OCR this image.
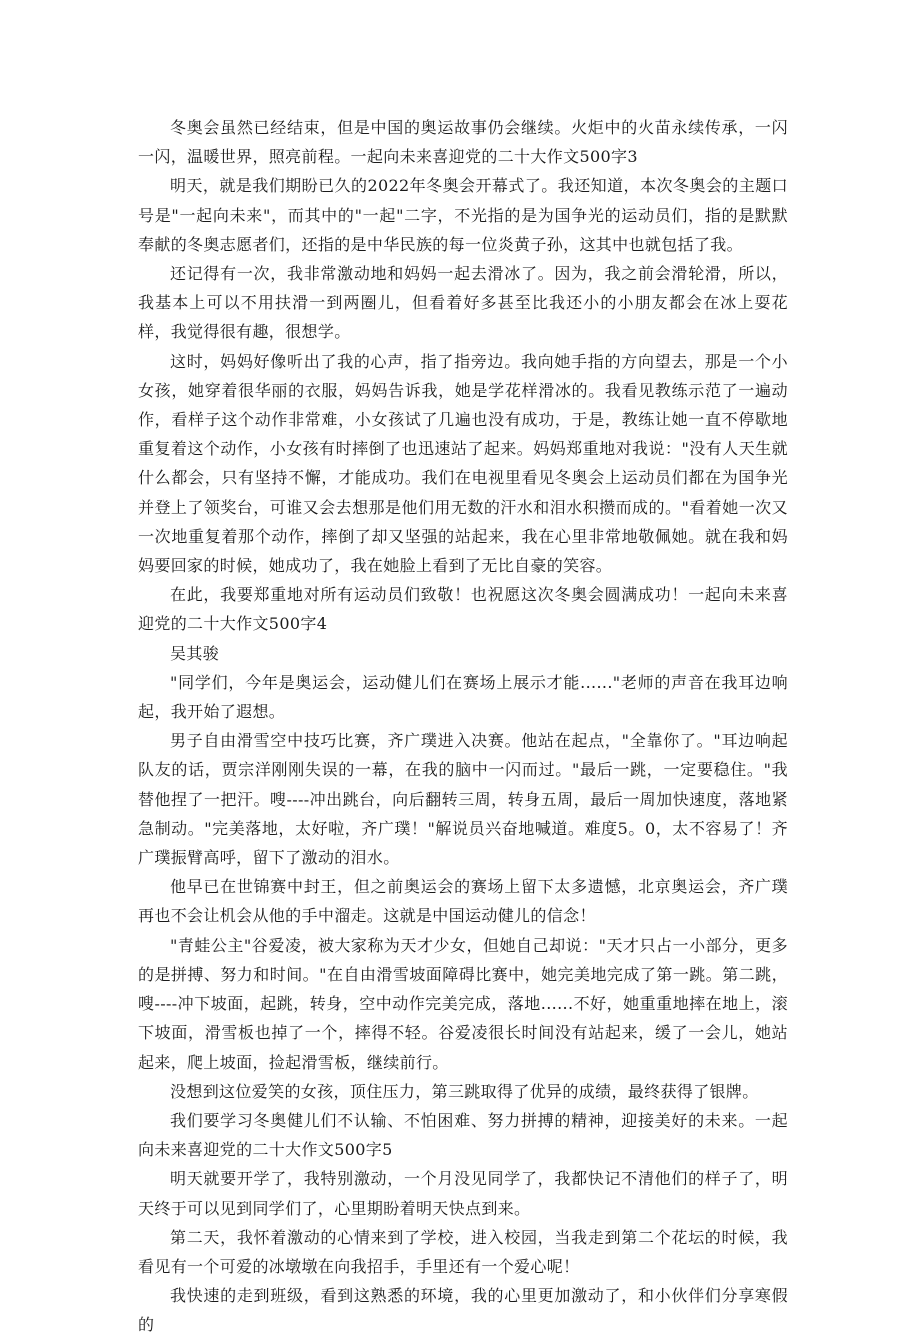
冬奥会虽然已经结束，但是中国的奥运故事仍会继续。火炬中的火苗永续传承，一闪一闪，温暖世界，照亮前程。一起向未来喜迎党的二十大作文500字3

明天，就是我们期盼已久的2022年冬奥会开幕式了。我还知道，本次冬奥会的主题口号是"一起向未来"，而其中的"一起"二字，不光指的是为国争光的运动员们，指的是默默奉献的冬奥志愿者们，还指的是中华民族的每一位炎黄子孙，这其中也就包括了我。

还记得有一次，我非常激动地和妈妈一起去滑冰了。因为，我之前会滑轮滑，所以，我基本上可以不用扶滑一到两圈儿，但看着好多甚至比我还小的小朋友都会在冰上耍花样，我觉得很有趣，很想学。

这时，妈妈好像听出了我的心声，指了指旁边。我向她手指的方向望去，那是一个小女孩，她穿着很华丽的衣服，妈妈告诉我，她是学花样滑冰的。我看见教练示范了一遍动作，看样子这个动作非常难，小女孩试了几遍也没有成功，于是，教练让她一直不停歇地重复着这个动作，小女孩有时摔倒了也迅速站了起来。妈妈郑重地对我说："没有人天生就什么都会，只有坚持不懈，才能成功。我们在电视里看见冬奥会上运动员们都在为国争光并登上了领奖台，可谁又会去想那是他们用无数的汗水和泪水积攒而成的。"看着她一次又一次地重复着那个动作，摔倒了却又坚强的站起来，我在心里非常地敬佩她。就在我和妈妈要回家的时候，她成功了，我在她脸上看到了无比自豪的笑容。

在此，我要郑重地对所有运动员们致敬！也祝愿这次冬奥会圆满成功！一起向未来喜迎党的二十大作文500字4

吴其骏

"同学们，今年是奥运会，运动健儿们在赛场上展示才能......"老师的声音在我耳边响起，我开始了遐想。

男子自由滑雪空中技巧比赛，齐广璞进入决赛。他站在起点，"全靠你了。"耳边响起队友的话，贾宗洋刚刚失误的一幕，在我的脑中一闪而过。"最后一跳，一定要稳住。"我替他捏了一把汗。嗖----冲出跳台，向后翻转三周，转身五周，最后一周加快速度，落地紧急制动。"完美落地，太好啦，齐广璞！"解说员兴奋地喊道。难度5。0，太不容易了！齐广璞振臂高呼，留下了激动的泪水。

他早已在世锦赛中封王，但之前奥运会的赛场上留下太多遗憾，北京奥运会，齐广璞再也不会让机会从他的手中溜走。这就是中国运动健儿的信念！

"青蛙公主"谷爱凌，被大家称为天才少女，但她自己却说："天才只占一小部分，更多的是拼搏、努力和时间。"在自由滑雪坡面障碍比赛中，她完美地完成了第一跳。第二跳，嗖----冲下坡面，起跳，转身，空中动作完美完成，落地......不好，她重重地摔在地上，滚下坡面，滑雪板也掉了一个，摔得不轻。谷爱凌很长时间没有站起来，缓了一会儿，她站起来，爬上坡面，捡起滑雪板，继续前行。

没想到这位爱笑的女孩，顶住压力，第三跳取得了优异的成绩，最终获得了银牌。

我们要学习冬奥健儿们不认输、不怕困难、努力拼搏的精神，迎接美好的未来。一起向未来喜迎党的二十大作文500字5

明天就要开学了，我特别激动，一个月没见同学了，我都快记不清他们的样子了，明天终于可以见到同学们了，心里期盼着明天快点到来。

第二天，我怀着激动的心情来到了学校，进入校园，当我走到第二个花坛的时候，我看见有一个可爱的冰墩墩在向我招手，手里还有一个爱心呢！

我快速的走到班级，看到这熟悉的环境，我的心里更加激动了，和小伙伴们分享寒假的
